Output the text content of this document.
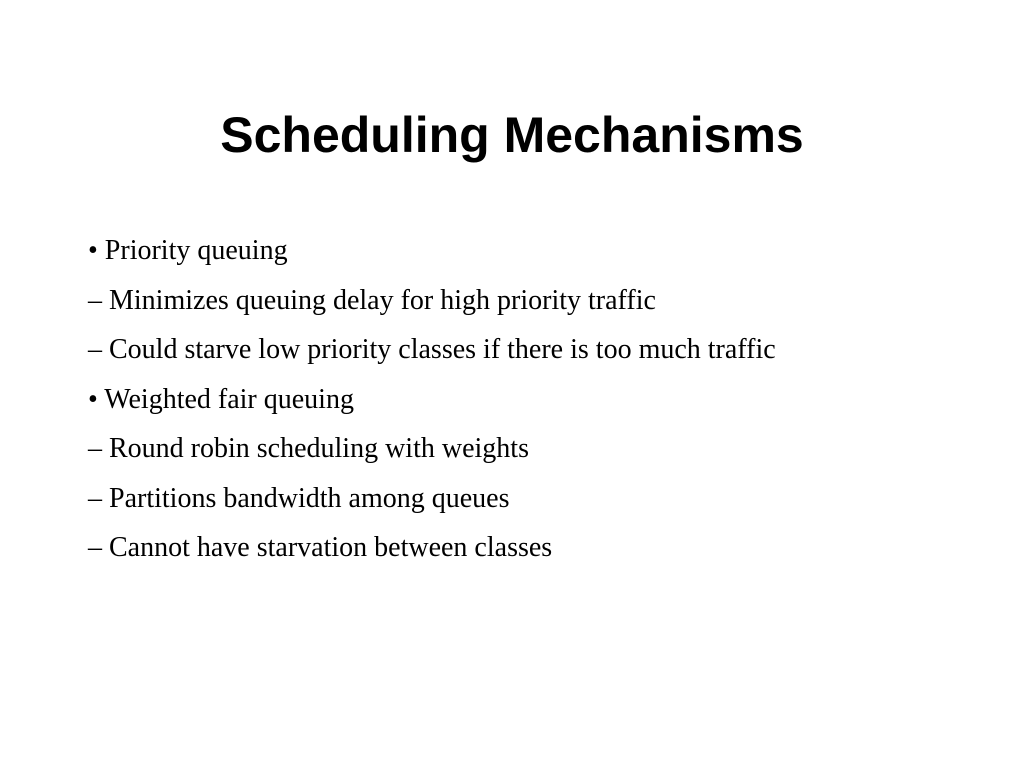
Scheduling Mechanisms
• Priority queuing
– Minimizes queuing delay for high priority traffic
– Could starve low priority classes if there is too much traffic
• Weighted fair queuing
– Round robin scheduling with weights
– Partitions bandwidth among queues
– Cannot have starvation between classes
